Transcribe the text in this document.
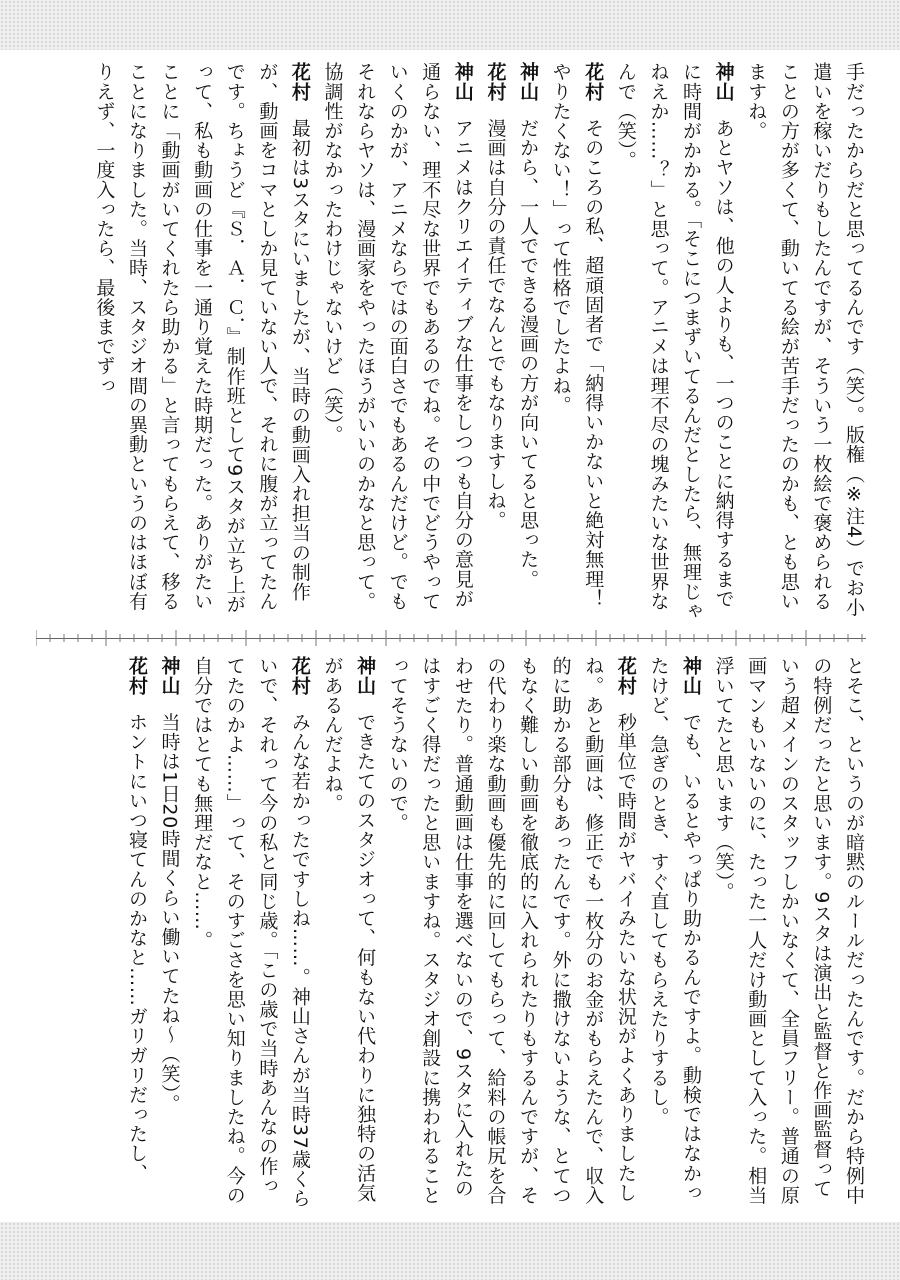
手だったからだと思ってるんです（笑）。版権（※注4）でお小遣いを稼いだりもしたんですが、そういう一枚絵で褒められることの方が多くて、動いてる絵が苦手だったのかも、とも思いますね。

神山あとヤソは、他の人よりも、一つのことに納得するまでに時間がかかる。「そこにつまずいてるんだとしたら、無理じゃねえか……？」と思って。アニメは理不尽の塊みたいな世界なんで（笑）。

花村そのころの私、超頑固者で「納得いかないと絶対無理！やりたくない！」って性格でしたよね。

神山だから、一人でできる漫画の方が向いてると思った。

花村漫画は自分の責任でなんとでもなりますしね。

神山アニメはクリエイティブな仕事をしつつも自分の意見が通らない、理不尽な世界でもあるのでね。その中でどうやっていくのかが、アニメならではの面白さでもあるんだけど。でもそれならヤソは、漫画家をやったほうがいいのかなと思って。協調性がなかったわけじゃないけど（笑）。

花村最初は3スタにいましたが、当時の動画入れ担当の制作が、動画をコマとしか見ていない人で、それに腹が立ってたんです。ちょうど『Ｓ．Ａ．Ｃ．』制作班として9スタが立ち上がって、私も動画の仕事を一通り覚えた時期だった。ありがたいことに「動画がいてくれたら助かる」と言ってもらえて、移ることになりました。当時、スタジオ間の異動というのはほぼ有りえず、一度入ったら、最後までずっ

とそこ、というのが暗黙のルールだったんです。だから特例中の特例だったと思います。9スタは演出と監督と作画監督っていう超メインのスタッフしかいなくて、全員フリー。普通の原画マンもいないのに、たった一人だけ動画として入った。相当浮いてたと思います（笑）。

神山でも、いるとやっぱり助かるんですよ。動検ではなかったけど、急ぎのとき、すぐ直してもらえたりするし。

花村秒単位で時間がヤバイみたいな状況がよくありましたしね。あと動画は、修正でも一枚分のお金がもらえたんで、収入的に助かる部分もあったんです。外に撒けないような、とてつもなく難しい動画を徹底的に入れられたりもするんですが、その代わり楽な動画も優先的に回してもらって、給料の帳尻を合わせたり。普通動画は仕事を選べないので、9スタに入れたのはすごく得だったと思いますね。スタジオ創設に携われることってそうないので。

神山できたてのスタジオって、何もない代わりに独特の活気があるんだよね。

花村みんな若かったですしね……。神山さんが当時37歳くらいで、それって今の私と同じ歳。「この歳で当時あんなの作ってたのかよ……」って、そのすごさを思い知りましたね。今の自分ではとても無理だなと……。

神山当時は1日20時間くらい働いてたね～（笑）。

花村ホントにいつ寝てんのかなと……ガリガリだったし、
